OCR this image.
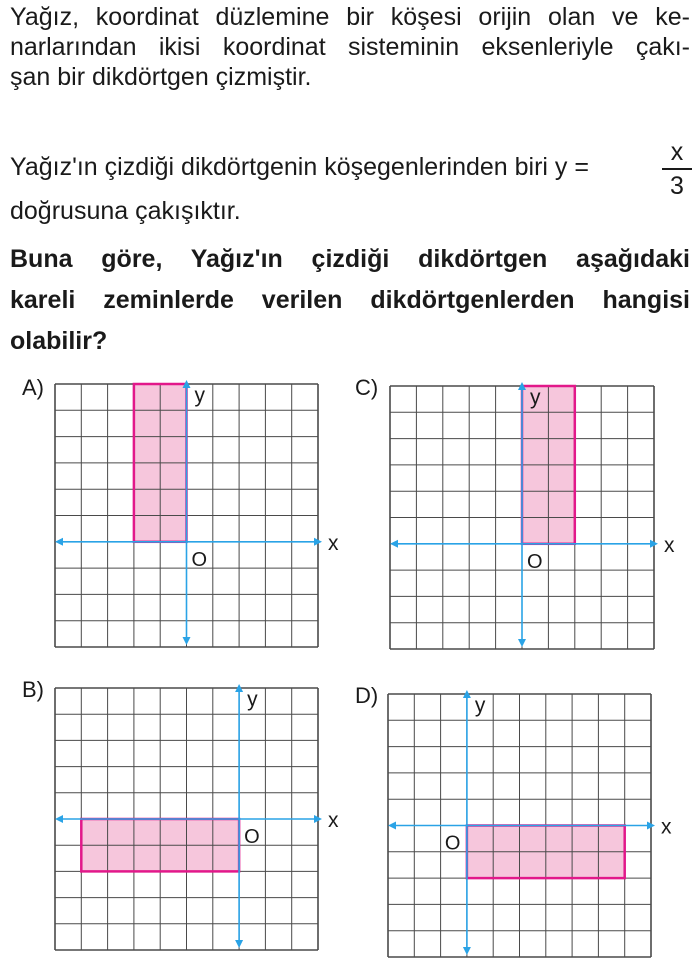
Yağız, koordinat düzlemine bir köşesi orijin olan ve ke-
narlarından ikisi koordinat sisteminin eksenleriyle çakı-
şan bir dikdörtgen çizmiştir.

Yağız'ın çizdiği dikdörtgenin köşegenlerinden biri y =

x
3

doğrusuna çakışıktır.

Buna göre, Yağız'ın çizdiği dikdörtgen aşağıdaki

kareli zeminlerde verilen dikdörtgenlerden hangisi

olabilir?

A)	C)
B)	D)
x
y
O
x
y
O
x
y
O	x
y
O
